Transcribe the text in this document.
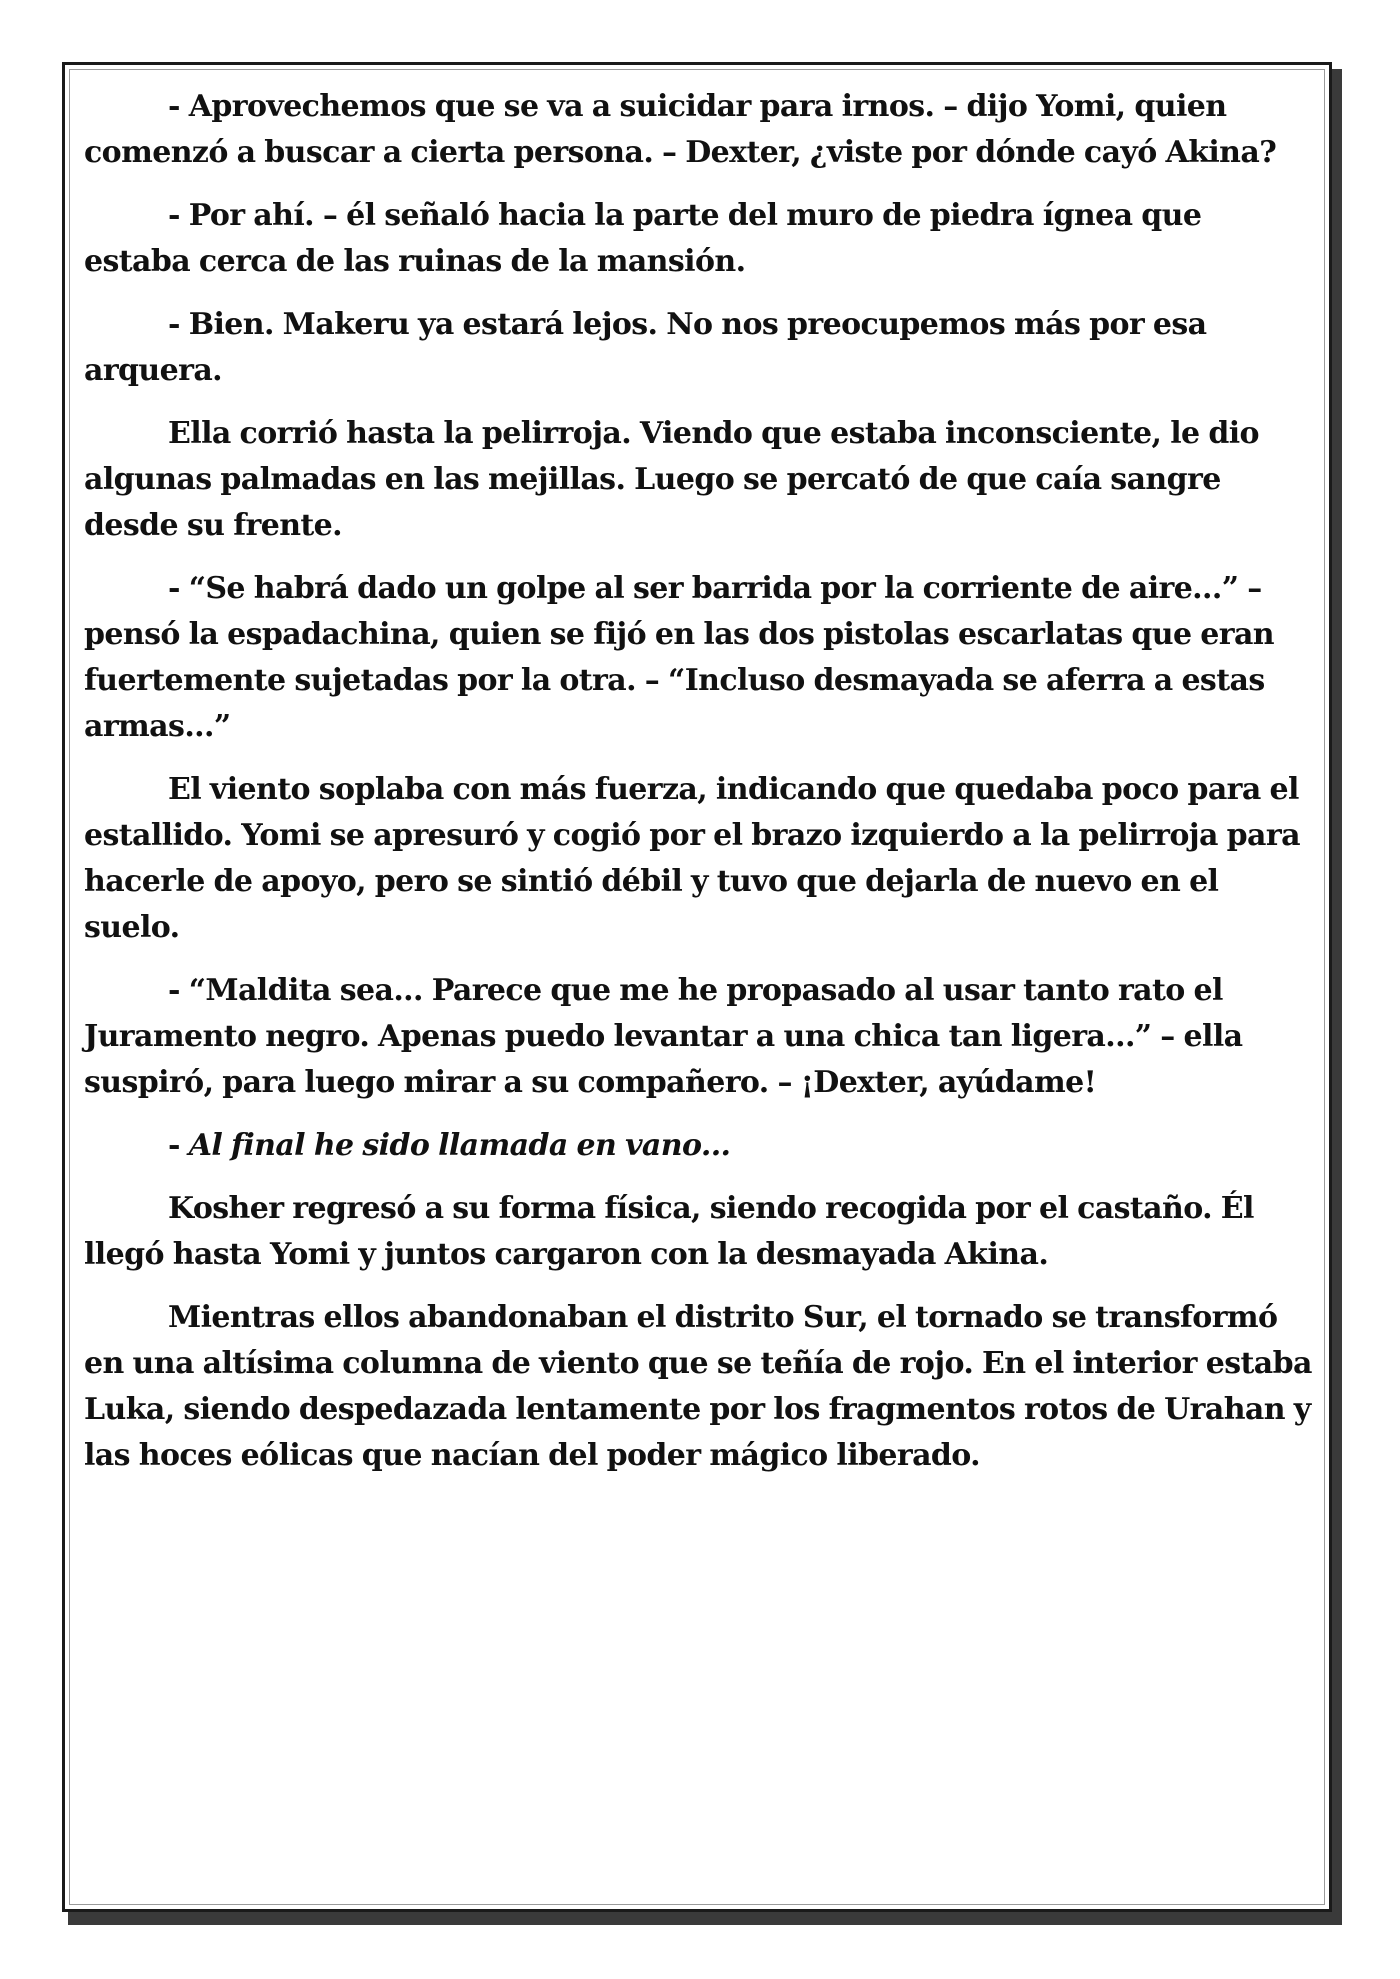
- Aprovechemos que se va a suicidar para irnos. – dijo Yomi, quien comenzó a buscar a cierta persona. – Dexter, ¿viste por dónde cayó Akina?

- Por ahí. – él señaló hacia la parte del muro de piedra ígnea que estaba cerca de las ruinas de la mansión.

- Bien. Makeru ya estará lejos. No nos preocupemos más por esa arquera.

Ella corrió hasta la pelirroja. Viendo que estaba inconsciente, le dio algunas palmadas en las mejillas. Luego se percató de que caía sangre desde su frente.

- “Se habrá dado un golpe al ser barrida por la corriente de aire...” – pensó la espadachina, quien se fijó en las dos pistolas escarlatas que eran fuertemente sujetadas por la otra. – “Incluso desmayada se aferra a estas armas...”

El viento soplaba con más fuerza, indicando que quedaba poco para el estallido. Yomi se apresuró y cogió por el brazo izquierdo a la pelirroja para hacerle de apoyo, pero se sintió débil y tuvo que dejarla de nuevo en el suelo.

- “Maldita sea... Parece que me he propasado al usar tanto rato el Juramento negro. Apenas puedo levantar a una chica tan ligera...” – ella suspiró, para luego mirar a su compañero. – ¡Dexter, ayúdame!

- Al final he sido llamada en vano...

Kosher regresó a su forma física, siendo recogida por el castaño. Él llegó hasta Yomi y juntos cargaron con la desmayada Akina.

Mientras ellos abandonaban el distrito Sur, el tornado se transformó en una altísima columna de viento que se teñía de rojo. En el interior estaba Luka, siendo despedazada lentamente por los fragmentos rotos de Urahan y las hoces eólicas que nacían del poder mágico liberado.
